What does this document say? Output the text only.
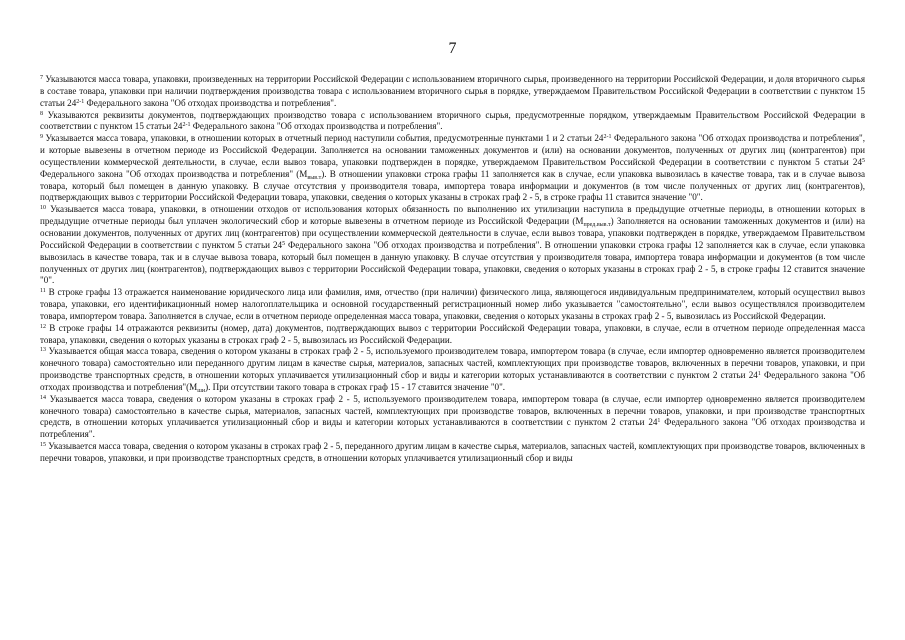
7

$^7$ Указываются масса товара, упаковки, произведенных на территории Российской Федерации с использованием вторичного сырья, произведенного на территории Российской Федерации, и доля вторичного сырья в составе товара, упаковки при наличии подтверждения производства товара с использованием вторичного сырья в порядке, утверждаемом Правительством Российской Федерации в соответствии с пунктом 15 статьи 24$^{2-1}$ Федерального закона "Об отходах производства и потребления".

$^8$ Указываются реквизиты документов, подтверждающих производство товара с использованием вторичного сырья, предусмотренные порядком, утверждаемым Правительством Российской Федерации в соответствии с пунктом 15 статьи 24$^{2-1}$ Федерального закона "Об отходах производства и потребления".

$^9$ Указывается масса товара, упаковки, в отношении которых в отчетный период наступили события, предусмотренные пунктами 1 и 2 статьи 24$^{2-1}$ Федерального закона "Об отходах производства и потребления", и которые вывезены в отчетном периоде из Российской Федерации. Заполняется на основании таможенных документов и (или) на основании документов, полученных от других лиц (контрагентов) при осуществлении коммерческой деятельности, в случае, если вывоз товара, упаковки подтвержден в порядке, утверждаемом Правительством Российской Федерации в соответствии с пунктом 5 статьи $24^5$ Федерального закона "Об отходах производства и потребления" $(М_{выв.т})$. В отношении упаковки строка графы 11 заполняется как в случае, если упаковка вывозилась в качестве товара, так и в случае вывоза товара, который был помещен в данную упаковку. В случае отсутствия у производителя товара, импортера товара информации и документов (в том числе полученных от других лиц (контрагентов), подтверждающих вывоз с территории Российской Федерации товара, упаковки, сведения о которых указаны в строках граф 2 - 5, в строке графы 11 ставится значение "0".

$^{10}$ Указывается масса товара, упаковки, в отношении отходов от использования которых обязанность по выполнению их утилизации наступила в предыдущие отчетные периоды, в отношении которых в предыдущие отчетные периоды был уплачен экологический сбор и которые вывезены в отчетном периоде из Российской Федерации $(М_{пред.выв.т})$ Заполняется на основании таможенных документов и (или) на основании документов, полученных от других лиц (контрагентов) при осуществлении коммерческой деятельности в случае, если вывоз товара, упаковки подтвержден в порядке, утверждаемом Правительством Российской Федерации в соответствии с пунктом 5 статьи $24^5$ Федерального закона "Об отходах производства и потребления". В отношении упаковки строка графы 12 заполняется как в случае, если упаковка вывозилась в качестве товара, так и в случае вывоза товара, который был помещен в данную упаковку. В случае отсутствия у производителя товара, импортера товара информации и документов (в том числе полученных от других лиц (контрагентов), подтверждающих вывоз с территории Российской Федерации товара, упаковки, сведения о которых указаны в строках граф 2 - 5, в строке графы 12 ставится значение "0".

$^{11}$ В строке графы 13 отражается наименование юридического лица или фамилия, имя, отчество (при наличии) физического лица, являющегося индивидуальным предпринимателем, который осуществил вывоз товара, упаковки, его идентификационный номер налогоплательщика и основной государственный регистрационный номер либо указывается "самостоятельно", если вывоз осуществлялся производителем товара, импортером товара. Заполняется в случае, если в отчетном периоде определенная масса товара, упаковки, сведения о которых указаны в строках граф 2 - 5, вывозилась из Российской Федерации.

$^{12}$ В строке графы 14 отражаются реквизиты (номер, дата) документов, подтверждающих вывоз с территории Российской Федерации товара, упаковки, в случае, если в отчетном периоде определенная масса товара, упаковки, сведения о которых указаны в строках граф 2 - 5, вывозилась из Российской Федерации.

$^{13}$ Указывается общая масса товара, сведения о котором указаны в строках граф 2 - 5, используемого производителем товара, импортером товара (в случае, если импортер одновременно является производителем конечного товара) самостоятельно или переданного другим лицам в качестве сырья, материалов, запасных частей, комплектующих при производстве товаров, включенных в перечни товаров, упаковки, и при производстве транспортных средств, в отношении которых уплачивается утилизационный сбор и виды и категории которых устанавливаются в соответствии с пунктом 2 статьи $24^1$ Федерального закона "Об отходах производства и $потребления"(М_{ши})$. При отсутствии такого товара в строках граф 15 - 17 ставится значение "0".

$^{14}$ Указывается масса товара, сведения о котором указаны в строках граф 2 - 5, используемого производителем товара, импортером товара (в случае, если импортер одновременно является производителем конечного товара) самостоятельно в качестве сырья, материалов, запасных частей, комплектующих при производстве товаров, включенных в перечни товаров, упаковки, и при производстве транспортных средств, в отношении которых уплачивается утилизационный сбор и виды и категории которых устанавливаются в соответствии с пунктом 2 статьи $24^1$ Федерального закона "Об отходах производства и потребления".

$^{15}$ Указывается масса товара, сведения о котором указаны в строках граф 2 - 5, переданного другим лицам в качестве сырья, материалов, запасных частей, комплектующих при производстве товаров, включенных в перечни товаров, упаковки, и при производстве транспортных средств, в отношении которых уплачивается утилизационный сбор и виды
